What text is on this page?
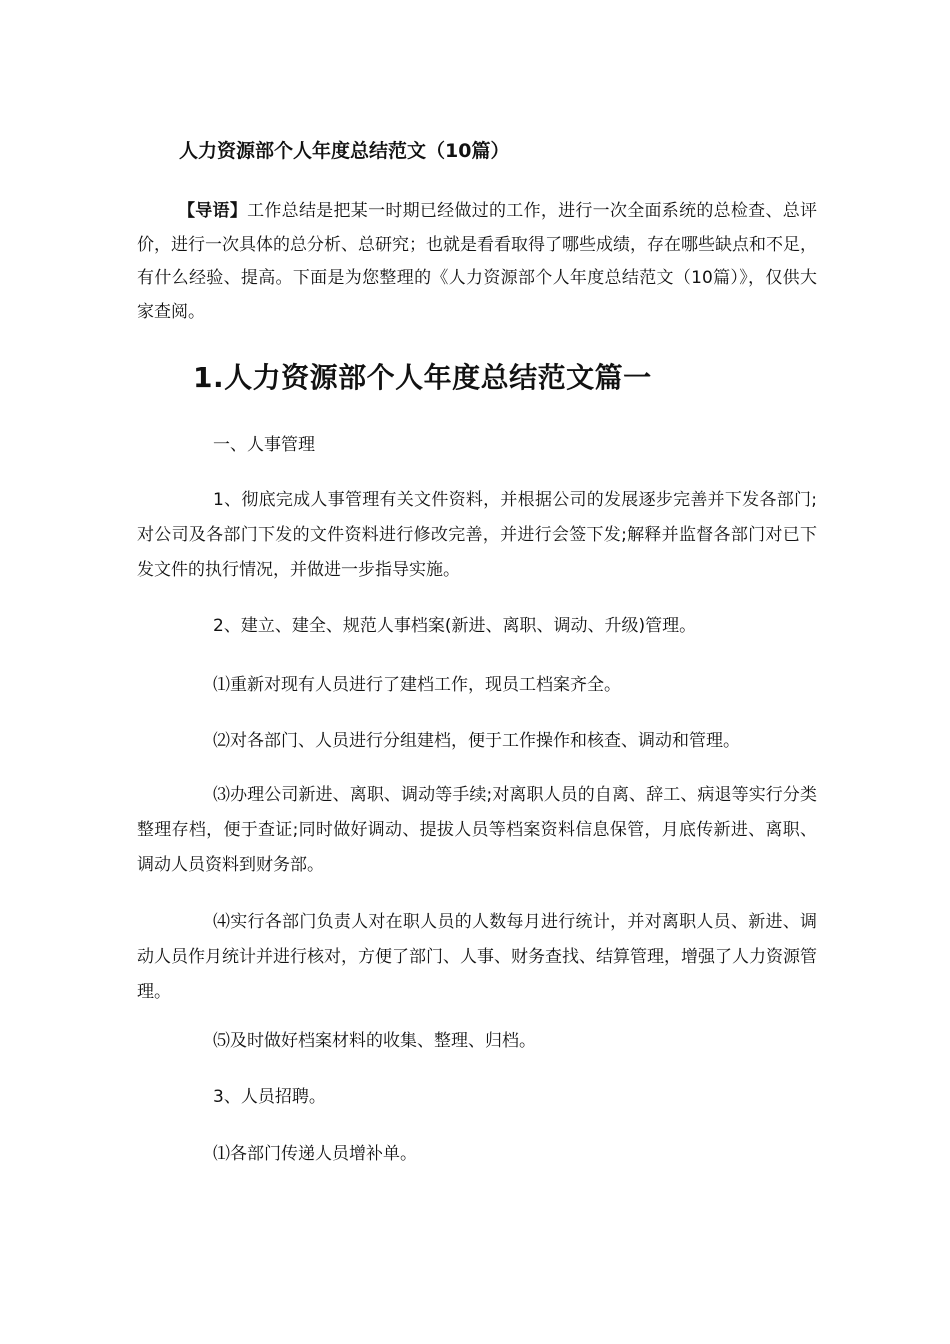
人力资源部个人年度总结范文（10篇）
【导语】工作总结是把某一时期已经做过的工作，进行一次全面系统的总检查、总评价，进行一次具体的总分析、总研究；也就是看看取得了哪些成绩，存在哪些缺点和不足，有什么经验、提高。下面是为您整理的《人力资源部个人年度总结范文（10篇）》，仅供大家查阅。
1.人力资源部个人年度总结范文篇一
一、人事管理
1、彻底完成人事管理有关文件资料，并根据公司的发展逐步完善并下发各部门;对公司及各部门下发的文件资料进行修改完善，并进行会签下发;解释并监督各部门对已下发文件的执行情况，并做进一步指导实施。
2、建立、建全、规范人事档案(新进、离职、调动、升级)管理。
⑴重新对现有人员进行了建档工作，现员工档案齐全。
⑵对各部门、人员进行分组建档，便于工作操作和核查、调动和管理。
⑶办理公司新进、离职、调动等手续;对离职人员的自离、辞工、病退等实行分类整理存档，便于查证;同时做好调动、提拔人员等档案资料信息保管，月底传新进、离职、调动人员资料到财务部。
⑷实行各部门负责人对在职人员的人数每月进行统计，并对离职人员、新进、调动人员作月统计并进行核对，方便了部门、人事、财务查找、结算管理，增强了人力资源管理。
⑸及时做好档案材料的收集、整理、归档。
3、人员招聘。
⑴各部门传递人员增补单。
